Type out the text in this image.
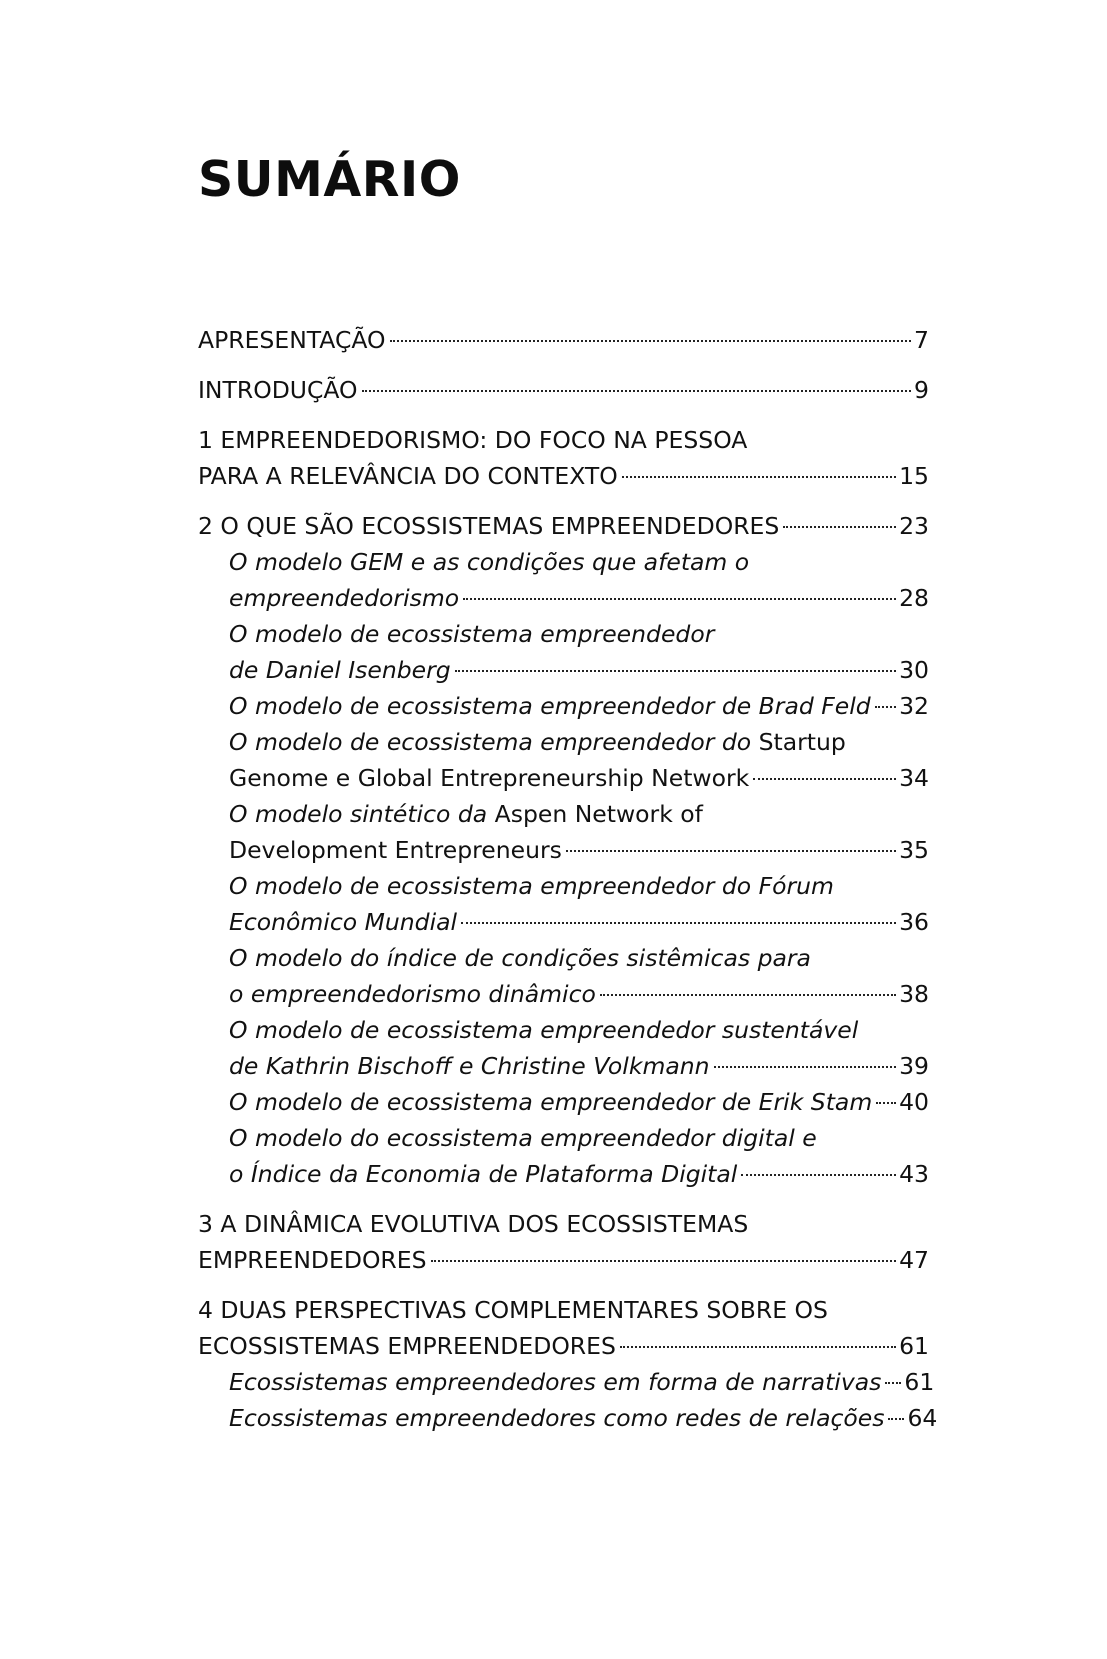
SUMÁRIO
APRESENTAÇÃO	7
INTRODUÇÃO	9
1 EMPREENDEDORISMO: DO FOCO NA PESSOA
PARA A RELEVÂNCIA DO CONTEXTO	15
2 O QUE SÃO ECOSSISTEMAS EMPREENDEDORES	23
O modelo GEM e as condições que afetam o
empreendedorismo	28
O modelo de ecossistema empreendedor
de Daniel Isenberg	30
O modelo de ecossistema empreendedor de Brad Feld 32
O modelo de ecossistema empreendedor do Startup
Genome e Global Entrepreneurship Network	34
O modelo sintético da Aspen Network of
Development Entrepreneurs	35
O modelo de ecossistema empreendedor do Fórum
Econômico Mundial	36
O modelo do índice de condições sistêmicas para
o empreendedorismo dinâmico	38
O modelo de ecossistema empreendedor sustentável
de Kathrin Bischoff e Christine Volkmann	39
O modelo de ecossistema empreendedor de Erik Stam 40
O modelo do ecossistema empreendedor digital e
o Índice da Economia de Plataforma Digital	43
3 A DINÂMICA EVOLUTIVA DOS ECOSSISTEMAS
EMPREENDEDORES	47
4 DUAS PERSPECTIVAS COMPLEMENTARES SOBRE OS
ECOSSISTEMAS EMPREENDEDORES	61
Ecossistemas empreendedores em forma de narrativas 61
Ecossistemas empreendedores como redes de relações 64
